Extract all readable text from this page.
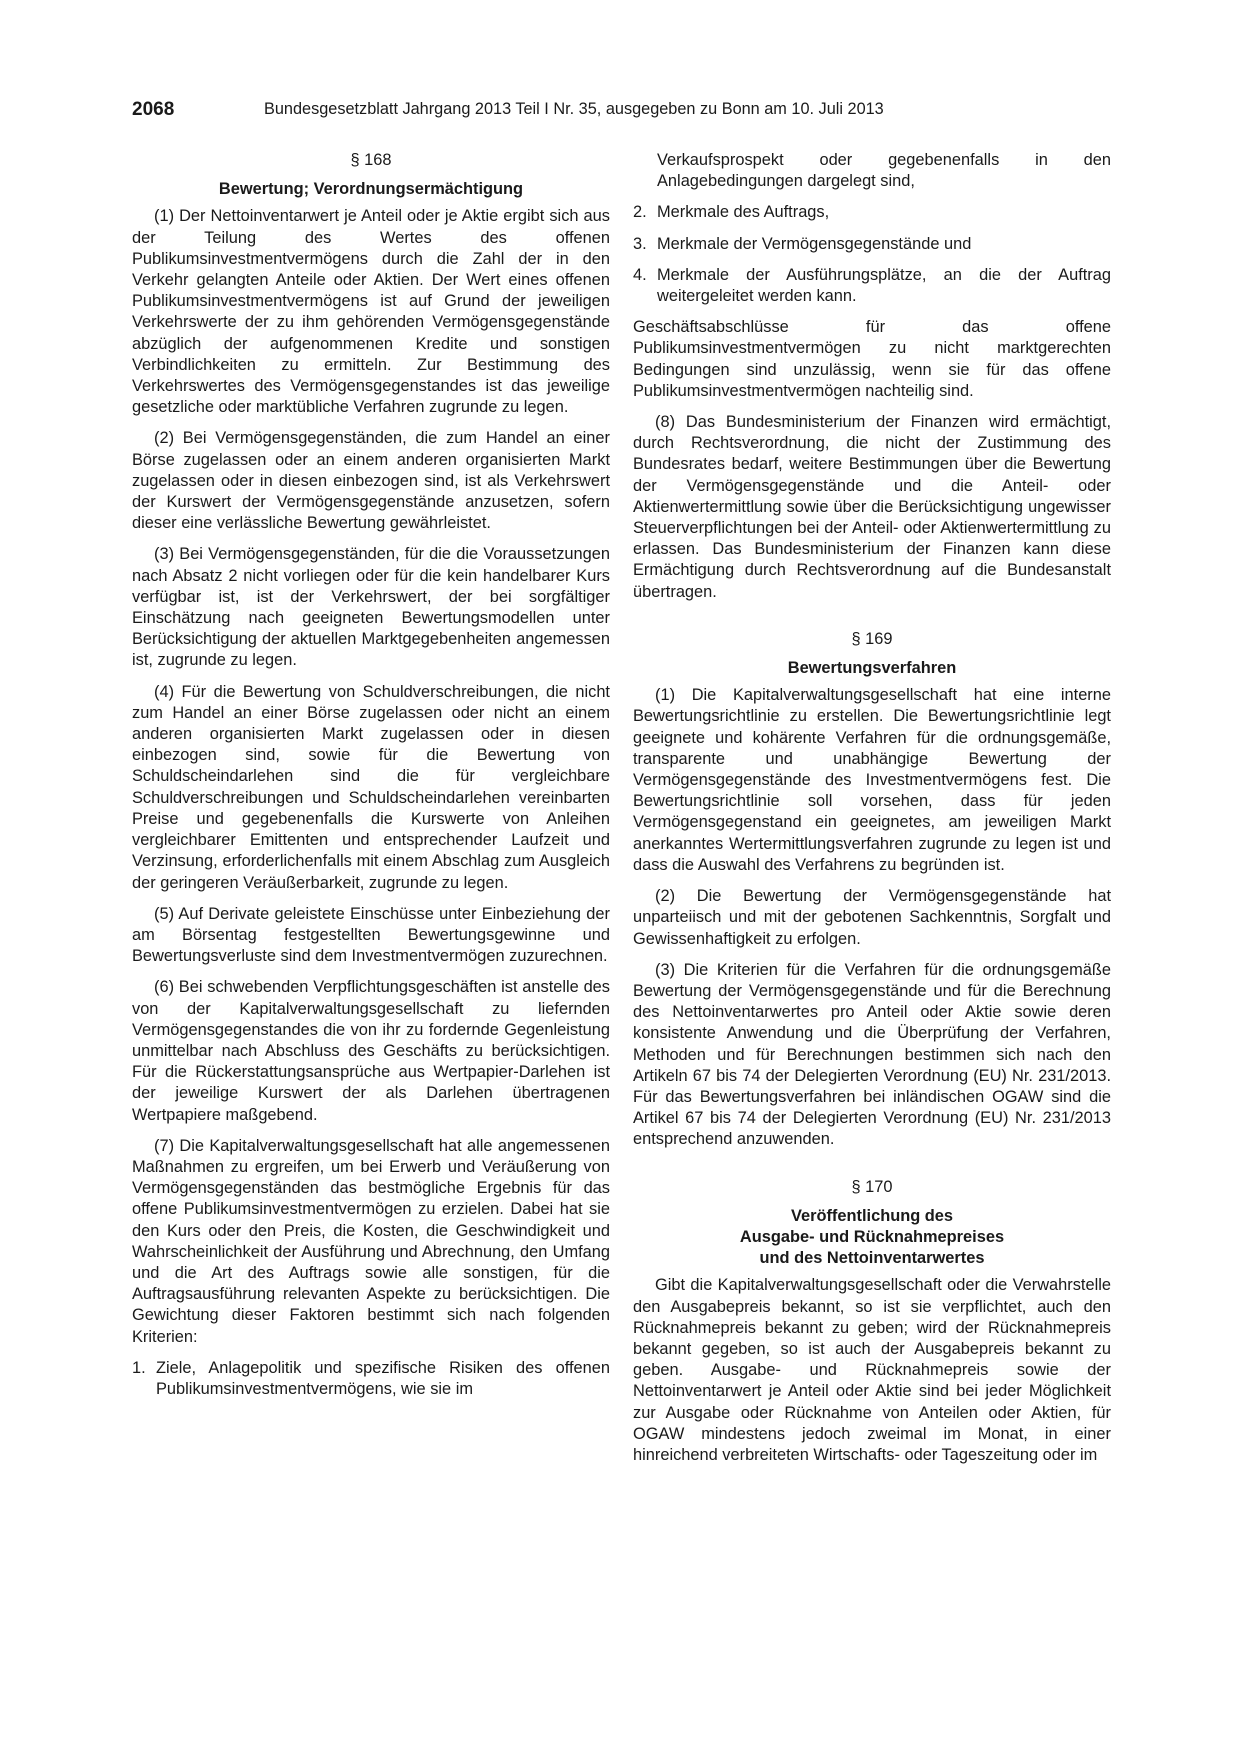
2068	Bundesgesetzblatt Jahrgang 2013 Teil I Nr. 35, ausgegeben zu Bonn am 10. Juli 2013
§ 168
Bewertung; Verordnungsermächtigung

(1) Der Nettoinventarwert je Anteil oder je Aktie ergibt sich aus der Teilung des Wertes des offenen Publikumsinvestmentvermögens durch die Zahl der in den Verkehr gelangten Anteile oder Aktien. Der Wert eines offenen Publikumsinvestmentvermögens ist auf Grund der jeweiligen Verkehrswerte der zu ihm gehörenden Vermögensgegenstände abzüglich der aufgenommenen Kredite und sonstigen Verbindlichkeiten zu ermitteln. Zur Bestimmung des Verkehrswertes des Vermögensgegenstandes ist das jeweilige gesetzliche oder marktübliche Verfahren zugrunde zu legen.

(2) Bei Vermögensgegenständen, die zum Handel an einer Börse zugelassen oder an einem anderen organisierten Markt zugelassen oder in diesen einbezogen sind, ist als Verkehrswert der Kurswert der Vermögensgegenstände anzusetzen, sofern dieser eine verlässliche Bewertung gewährleistet.

(3) Bei Vermögensgegenständen, für die die Voraussetzungen nach Absatz 2 nicht vorliegen oder für die kein handelbarer Kurs verfügbar ist, ist der Verkehrswert, der bei sorgfältiger Einschätzung nach geeigneten Bewertungsmodellen unter Berücksichtigung der aktuellen Marktgegebenheiten angemessen ist, zugrunde zu legen.

(4) Für die Bewertung von Schuldverschreibungen, die nicht zum Handel an einer Börse zugelassen oder nicht an einem anderen organisierten Markt zugelassen oder in diesen einbezogen sind, sowie für die Bewertung von Schuldscheindarlehen sind die für vergleichbare Schuldverschreibungen und Schuldscheindarlehen vereinbarten Preise und gegebenenfalls die Kurswerte von Anleihen vergleichbarer Emittenten und entsprechender Laufzeit und Verzinsung, erforderlichenfalls mit einem Abschlag zum Ausgleich der geringeren Veräußerbarkeit, zugrunde zu legen.

(5) Auf Derivate geleistete Einschüsse unter Einbeziehung der am Börsentag festgestellten Bewertungsgewinne und Bewertungsverluste sind dem Investmentvermögen zuzurechnen.

(6) Bei schwebenden Verpflichtungsgeschäften ist anstelle des von der Kapitalverwaltungsgesellschaft zu liefernden Vermögensgegenstandes die von ihr zu fordernde Gegenleistung unmittelbar nach Abschluss des Geschäfts zu berücksichtigen. Für die Rückerstattungsansprüche aus Wertpapier-Darlehen ist der jeweilige Kurswert der als Darlehen übertragenen Wertpapiere maßgebend.

(7) Die Kapitalverwaltungsgesellschaft hat alle angemessenen Maßnahmen zu ergreifen, um bei Erwerb und Veräußerung von Vermögensgegenständen das bestmögliche Ergebnis für das offene Publikumsinvestmentvermögen zu erzielen. Dabei hat sie den Kurs oder den Preis, die Kosten, die Geschwindigkeit und Wahrscheinlichkeit der Ausführung und Abrechnung, den Umfang und die Art des Auftrags sowie alle sonstigen, für die Auftragsausführung relevanten Aspekte zu berücksichtigen. Die Gewichtung dieser Faktoren bestimmt sich nach folgenden Kriterien:

1. Ziele, Anlagepolitik und spezifische Risiken des offenen Publikumsinvestmentvermögens, wie sie im
Verkaufsprospekt oder gegebenenfalls in den Anlagebedingungen dargelegt sind,
2. Merkmale des Auftrags,
3. Merkmale der Vermögensgegenstände und
4. Merkmale der Ausführungsplätze, an die der Auftrag weitergeleitet werden kann.

Geschäftsabschlüsse für das offene Publikumsinvestmentvermögen zu nicht marktgerechten Bedingungen sind unzulässig, wenn sie für das offene Publikumsinvestmentvermögen nachteilig sind.

(8) Das Bundesministerium der Finanzen wird ermächtigt, durch Rechtsverordnung, die nicht der Zustimmung des Bundesrates bedarf, weitere Bestimmungen über die Bewertung der Vermögensgegenstände und die Anteil- oder Aktienwertermittlung sowie über die Berücksichtigung ungewisser Steuerverpflichtungen bei der Anteil- oder Aktienwertermittlung zu erlassen. Das Bundesministerium der Finanzen kann diese Ermächtigung durch Rechtsverordnung auf die Bundesanstalt übertragen.

§ 169
Bewertungsverfahren

(1) Die Kapitalverwaltungsgesellschaft hat eine interne Bewertungsrichtlinie zu erstellen. Die Bewertungsrichtlinie legt geeignete und kohärente Verfahren für die ordnungsgemäße, transparente und unabhängige Bewertung der Vermögensgegenstände des Investmentvermögens fest. Die Bewertungsrichtlinie soll vorsehen, dass für jeden Vermögensgegenstand ein geeignetes, am jeweiligen Markt anerkanntes Wertermittlungsverfahren zugrunde zu legen ist und dass die Auswahl des Verfahrens zu begründen ist.

(2) Die Bewertung der Vermögensgegenstände hat unparteiisch und mit der gebotenen Sachkenntnis, Sorgfalt und Gewissenhaftigkeit zu erfolgen.

(3) Die Kriterien für die Verfahren für die ordnungsgemäße Bewertung der Vermögensgegenstände und für die Berechnung des Nettoinventarwertes pro Anteil oder Aktie sowie deren konsistente Anwendung und die Überprüfung der Verfahren, Methoden und für Berechnungen bestimmen sich nach den Artikeln 67 bis 74 der Delegierten Verordnung (EU) Nr. 231/2013. Für das Bewertungsverfahren bei inländischen OGAW sind die Artikel 67 bis 74 der Delegierten Verordnung (EU) Nr. 231/2013 entsprechend anzuwenden.

§ 170
Veröffentlichung des
Ausgabe- und Rücknahmepreises
und des Nettoinventarwertes

Gibt die Kapitalverwaltungsgesellschaft oder die Verwahrstelle den Ausgabepreis bekannt, so ist sie verpflichtet, auch den Rücknahmepreis bekannt zu geben; wird der Rücknahmepreis bekannt gegeben, so ist auch der Ausgabepreis bekannt zu geben. Ausgabe- und Rücknahmepreis sowie der Nettoinventarwert je Anteil oder Aktie sind bei jeder Möglichkeit zur Ausgabe oder Rücknahme von Anteilen oder Aktien, für OGAW mindestens jedoch zweimal im Monat, in einer hinreichend verbreiteten Wirtschafts- oder Tageszeitung oder im
